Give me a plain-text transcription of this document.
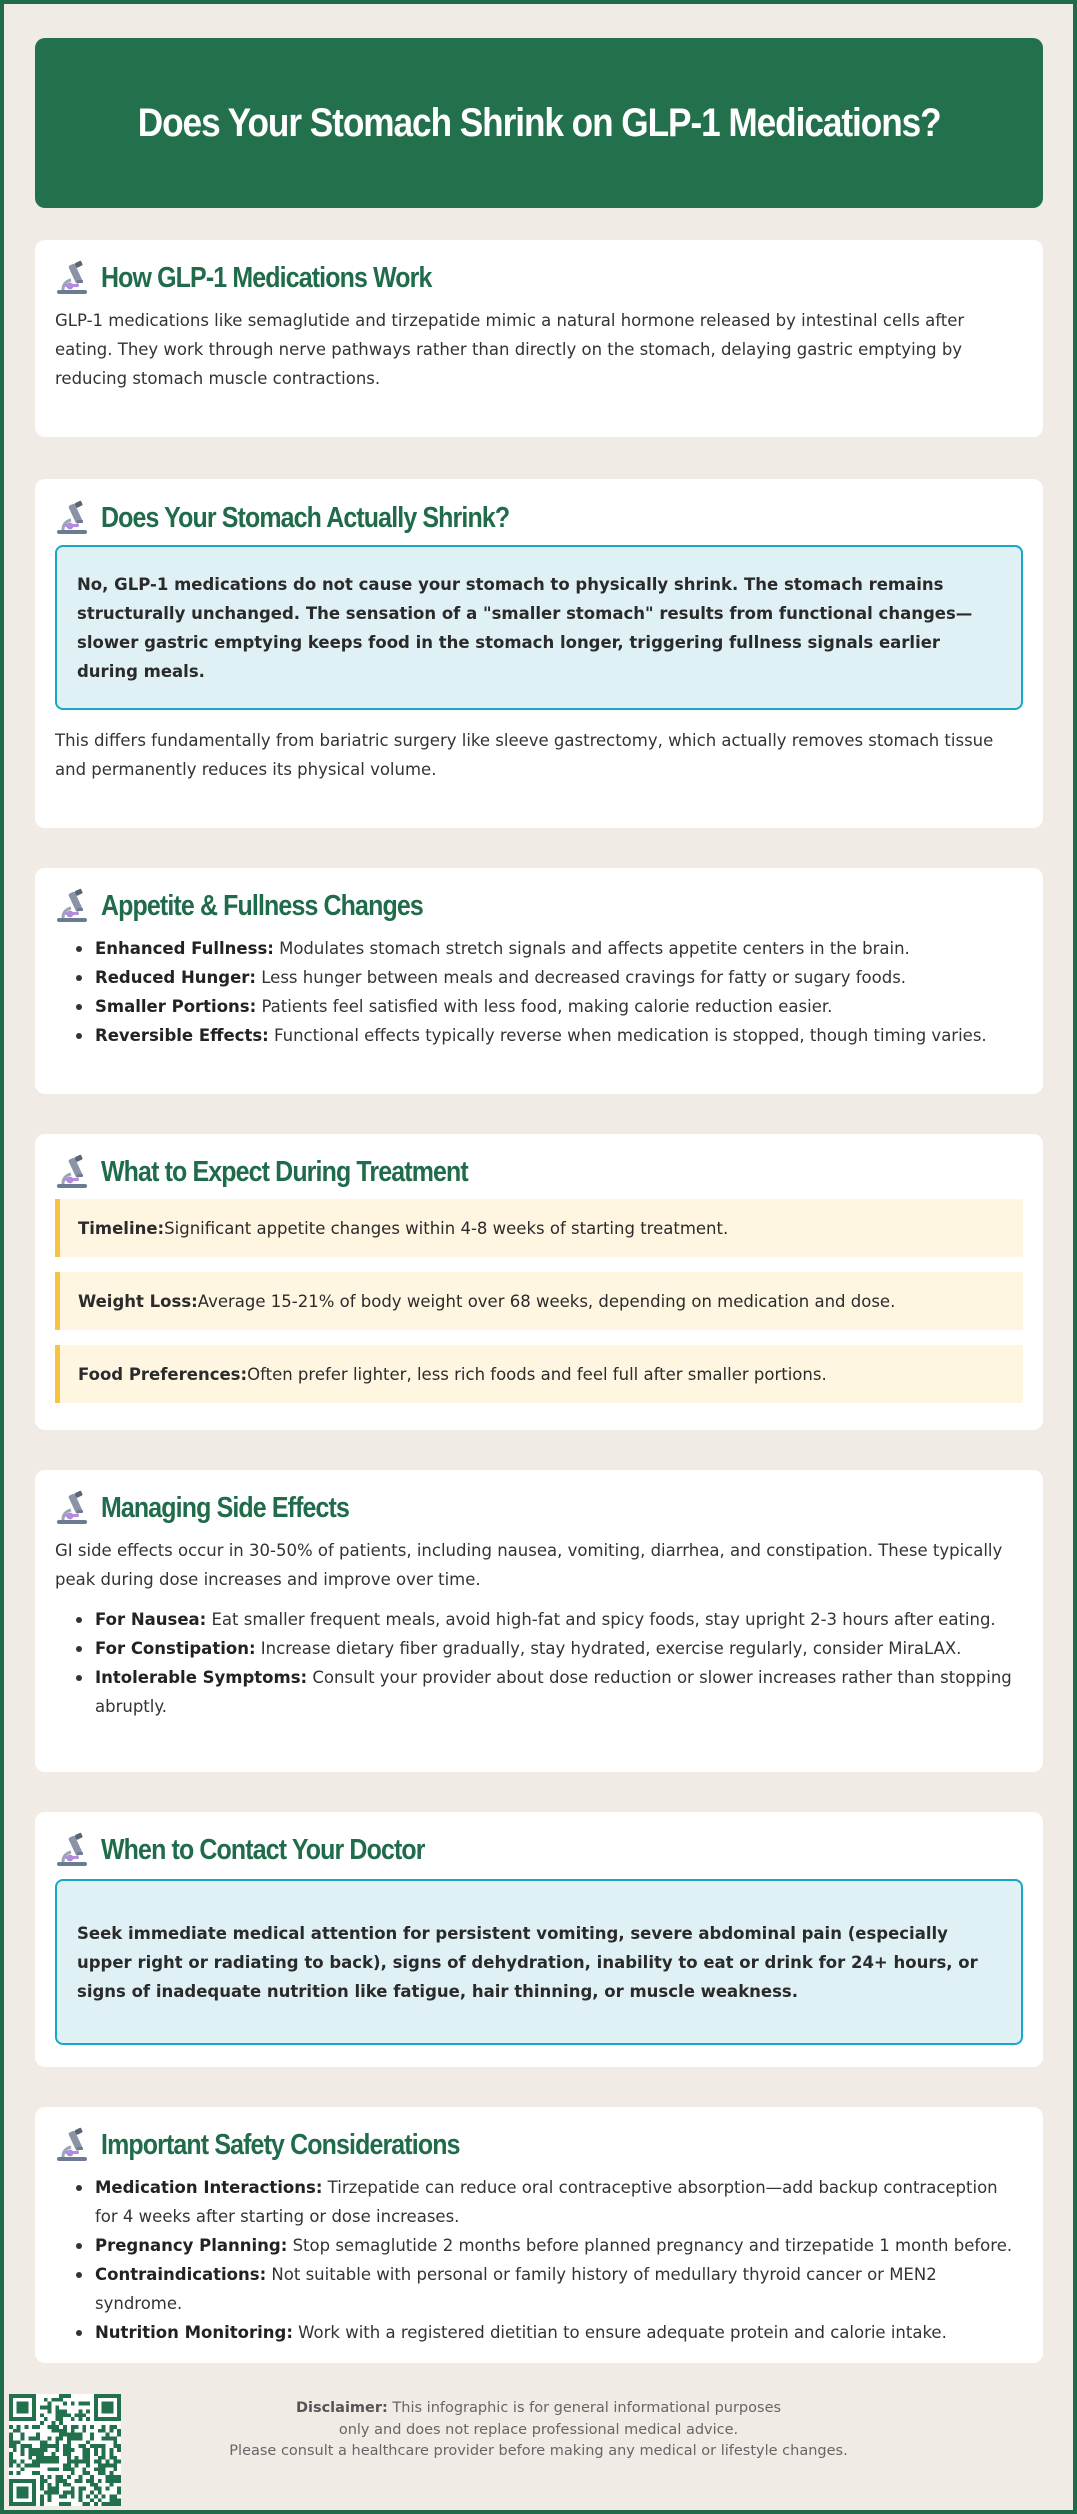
Does Your Stomach Shrink on GLP-1 Medications?
How GLP-1 Medications Work

GLP-1 medications like semaglutide and tirzepatide mimic a natural hormone released by intestinal cells after eating. They work through nerve pathways rather than directly on the stomach, delaying gastric emptying by reducing stomach muscle contractions.

Does Your Stomach Actually Shrink?
No, GLP-1 medications do not cause your stomach to physically shrink. The stomach remains structurally unchanged. The sensation of a "smaller stomach" results from functional changes—slower gastric emptying keeps food in the stomach longer, triggering fullness signals earlier during meals.

This differs fundamentally from bariatric surgery like sleeve gastrectomy, which actually removes stomach tissue and permanently reduces its physical volume.

Appetite & Fullness Changes
Enhanced Fullness: Modulates stomach stretch signals and affects appetite centers in the brain.
Reduced Hunger: Less hunger between meals and decreased cravings for fatty or sugary foods.
Smaller Portions: Patients feel satisfied with less food, making calorie reduction easier.
Reversible Effects: Functional effects typically reverse when medication is stopped, though timing varies.
What to Expect During Treatment
Timeline: Significant appetite changes within 4-8 weeks of starting treatment.
Weight Loss: Average 15-21% of body weight over 68 weeks, depending on medication and dose.
Food Preferences: Often prefer lighter, less rich foods and feel full after smaller portions.
Managing Side Effects

GI side effects occur in 30-50% of patients, including nausea, vomiting, diarrhea, and constipation. These typically peak during dose increases and improve over time.

For Nausea: Eat smaller frequent meals, avoid high-fat and spicy foods, stay upright 2-3 hours after eating.
For Constipation: Increase dietary fiber gradually, stay hydrated, exercise regularly, consider MiraLAX.
Intolerable Symptoms: Consult your provider about dose reduction or slower increases rather than stopping abruptly.
When to Contact Your Doctor
Seek immediate medical attention for persistent vomiting, severe abdominal pain (especially upper right or radiating to back), signs of dehydration, inability to eat or drink for 24+ hours, or signs of inadequate nutrition like fatigue, hair thinning, or muscle weakness.
Important Safety Considerations
Medication Interactions: Tirzepatide can reduce oral contraceptive absorption—add backup contraception for 4 weeks after starting or dose increases.
Pregnancy Planning: Stop semaglutide 2 months before planned pregnancy and tirzepatide 1 month before.
Contraindications: Not suitable with personal or family history of medullary thyroid cancer or MEN2 syndrome.
Nutrition Monitoring: Work with a registered dietitian to ensure adequate protein and calorie intake.
Disclaimer: This infographic is for general informational purposes
only and does not replace professional medical advice.
Please consult a healthcare provider before making any medical or lifestyle changes.
